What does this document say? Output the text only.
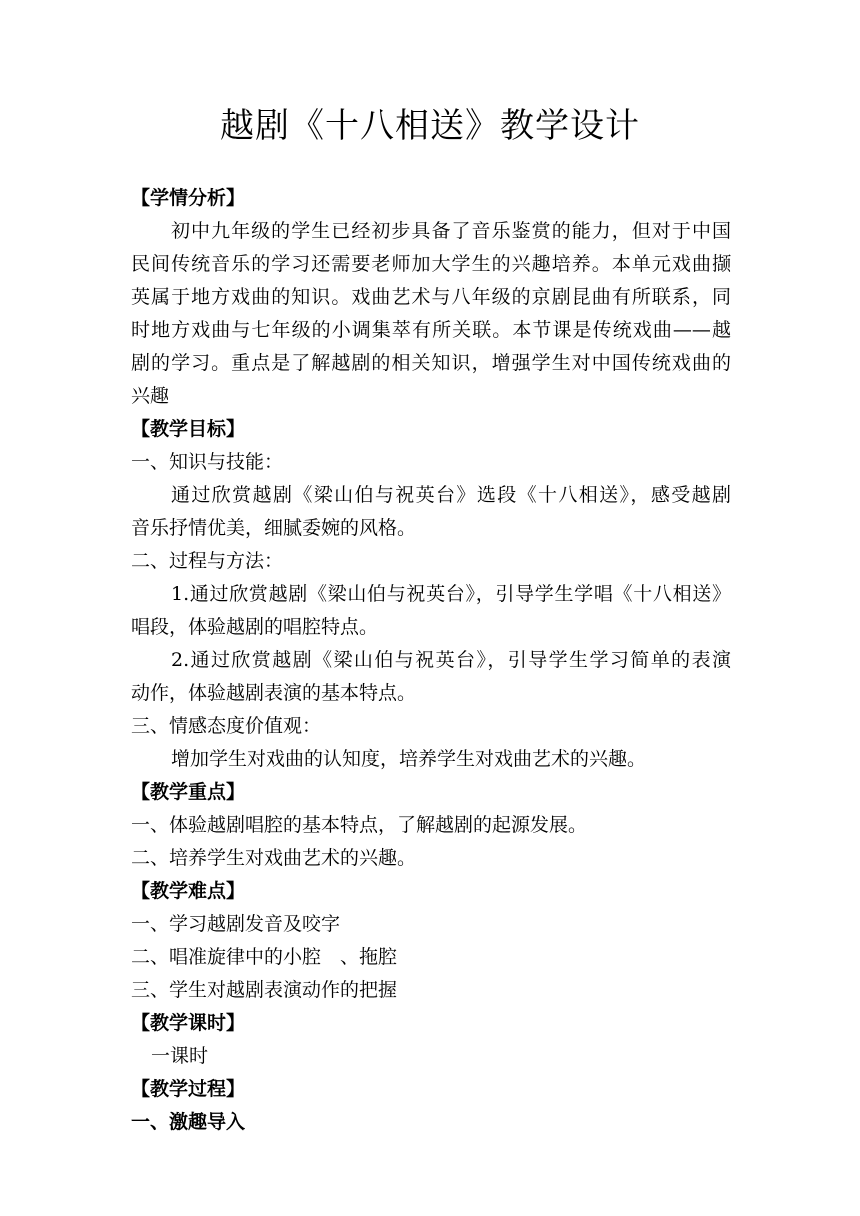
越剧《十八相送》教学设计
【学情分析】
初中九年级的学生已经初步具备了音乐鉴赏的能力，但对于中国
民间传统音乐的学习还需要老师加大学生的兴趣培养。本单元戏曲撷
英属于地方戏曲的知识。戏曲艺术与八年级的京剧昆曲有所联系，同
时地方戏曲与七年级的小调集萃有所关联。本节课是传统戏曲——越
剧的学习。重点是了解越剧的相关知识，增强学生对中国传统戏曲的
兴趣
【教学目标】
一、知识与技能：
通过欣赏越剧《梁山伯与祝英台》选段《十八相送》，感受越剧
音乐抒情优美，细腻委婉的风格。
二、过程与方法：
1.通过欣赏越剧《梁山伯与祝英台》，引导学生学唱《十八相送》
唱段，体验越剧的唱腔特点。
2.通过欣赏越剧《梁山伯与祝英台》，引导学生学习简单的表演
动作，体验越剧表演的基本特点。
三、情感态度价值观：
增加学生对戏曲的认知度，培养学生对戏曲艺术的兴趣。
【教学重点】
一、体验越剧唱腔的基本特点，了解越剧的起源发展。
二、培养学生对戏曲艺术的兴趣。
【教学难点】
一、学习越剧发音及咬字
二、唱准旋律中的小腔　、拖腔
三、学生对越剧表演动作的把握
【教学课时】
一课时
【教学过程】
一、激趣导入
